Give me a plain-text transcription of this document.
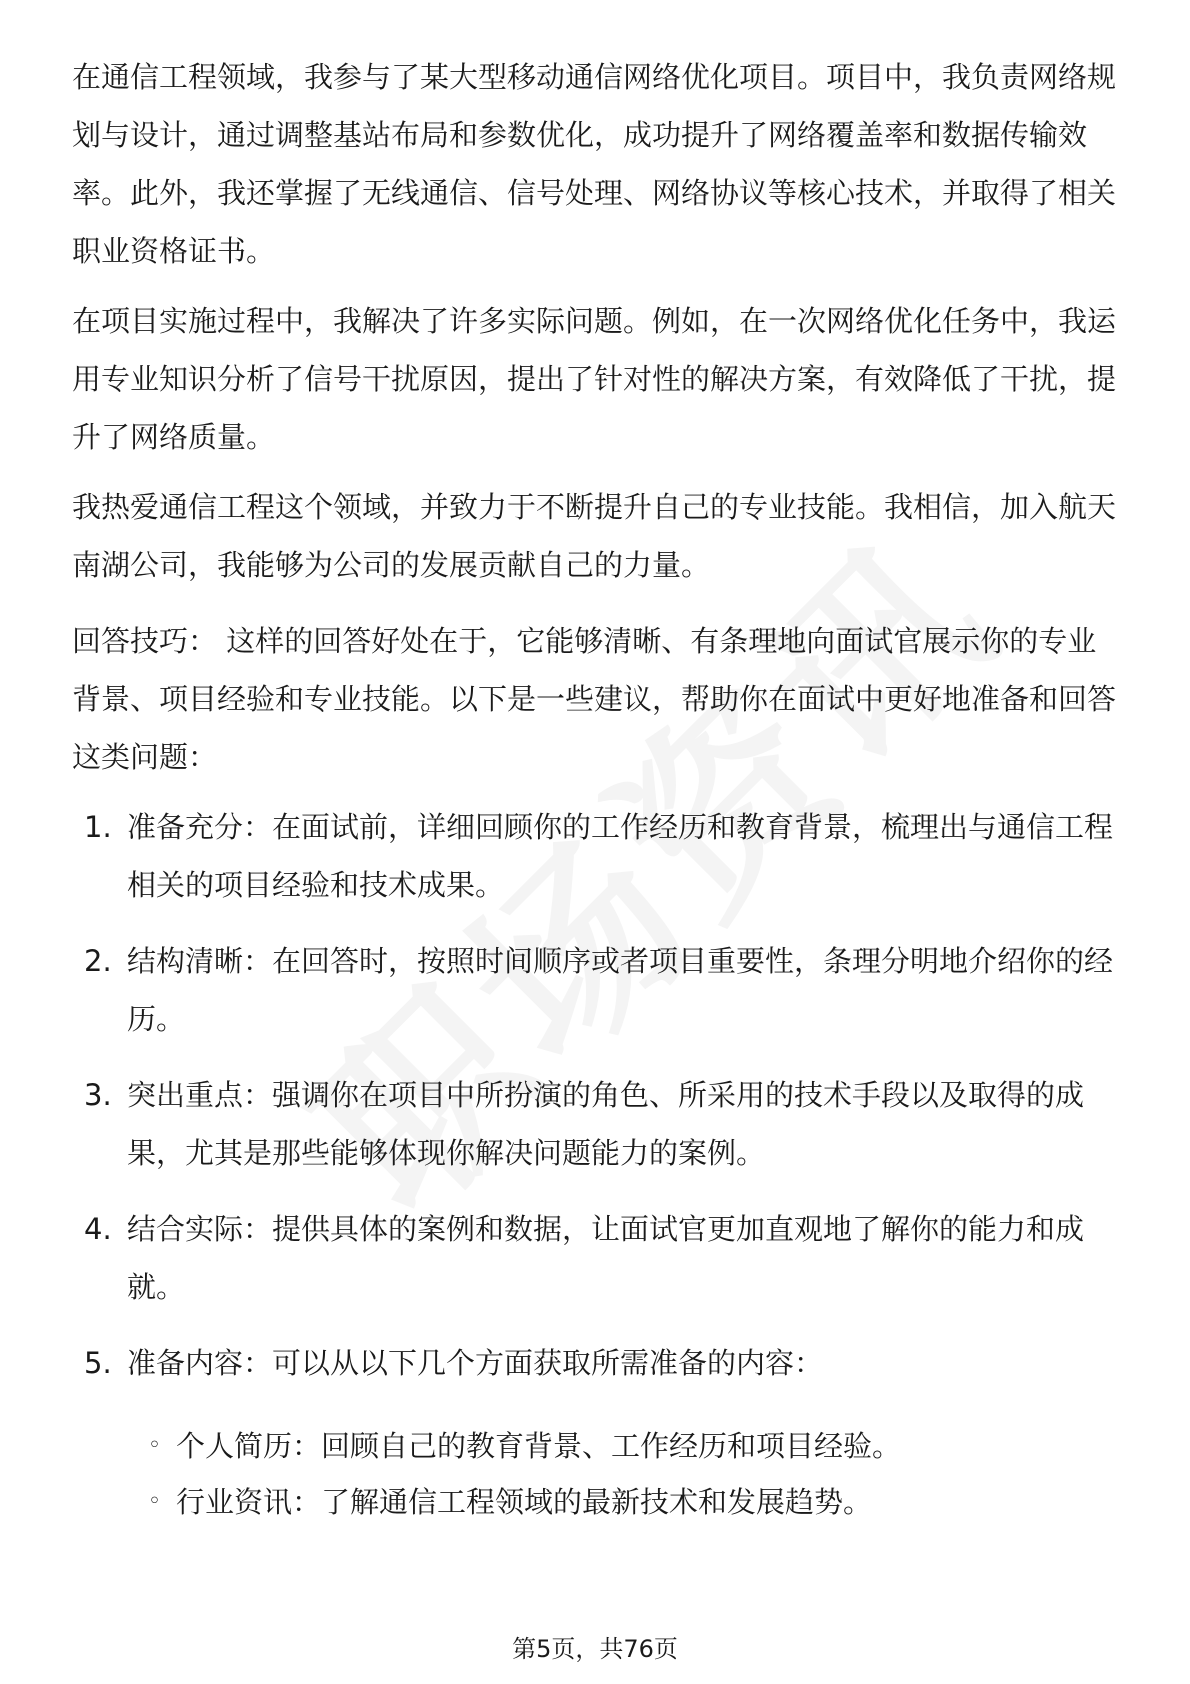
在通信工程领域，我参与了某大型移动通信网络优化项目。项目中，我负责网络规划与设计，通过调整基站布局和参数优化，成功提升了网络覆盖率和数据传输效率。此外，我还掌握了无线通信、信号处理、网络协议等核心技术，并取得了相关职业资格证书。

在项目实施过程中，我解决了许多实际问题。例如，在一次网络优化任务中，我运用专业知识分析了信号干扰原因，提出了针对性的解决方案，有效降低了干扰，提升了网络质量。

我热爱通信工程这个领域，并致力于不断提升自己的专业技能。我相信，加入航天南湖公司，我能够为公司的发展贡献自己的力量。

回答技巧： 这样的回答好处在于，它能够清晰、有条理地向面试官展示你的专业背景、项目经验和专业技能。以下是一些建议，帮助你在面试中更好地准备和回答这类问题：

1. 准备充分：在面试前，详细回顾你的工作经历和教育背景，梳理出与通信工程相关的项目经验和技术成果。
2. 结构清晰：在回答时，按照时间顺序或者项目重要性，条理分明地介绍你的经历。
3. 突出重点：强调你在项目中所扮演的角色、所采用的技术手段以及取得的成果，尤其是那些能够体现你解决问题能力的案例。
4. 结合实际：提供具体的案例和数据，让面试官更加直观地了解你的能力和成就。
5. 准备内容：可以从以下几个方面获取所需准备的内容：
◦ 个人简历：回顾自己的教育背景、工作经历和项目经验。
◦ 行业资讯：了解通信工程领域的最新技术和发展趋势。
第5页，共76页
